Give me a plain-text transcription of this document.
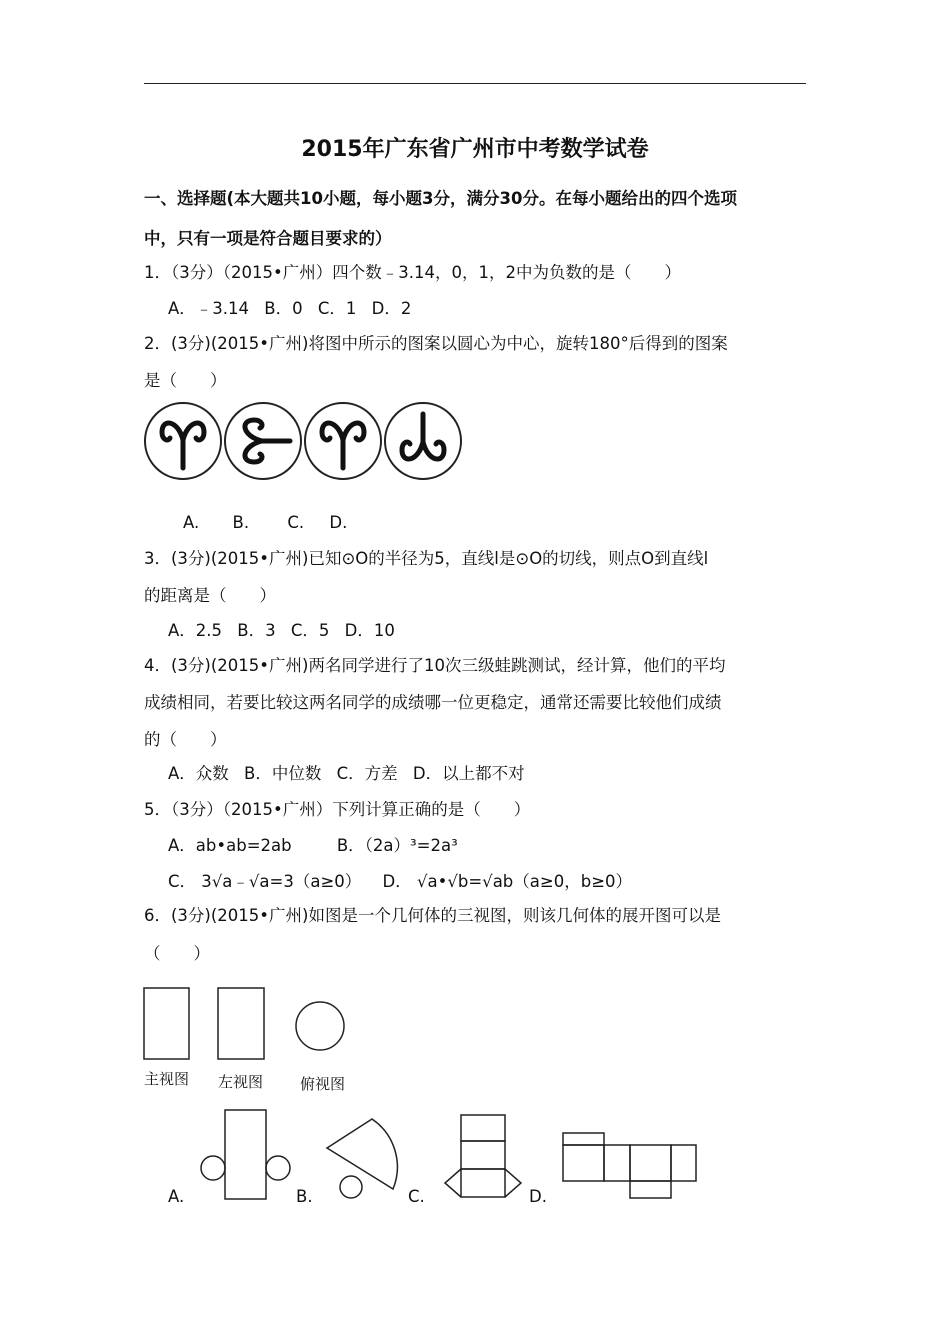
2015年广东省广州市中考数学试卷
一、选择题(本大题共10小题，每小题3分，满分30分。在每小题给出的四个选项
中，只有一项是符合题目要求的）
1．（3分）（2015•广州）四个数﹣3.14，0，1，2中为负数的是（　　）
A．﹣3.14 B．0 C．1 D．2
2．(3分)(2015•广州)将图中所示的图案以圆心为中心，旋转180°后得到的图案
是（　　）
A. B. C. D.
3．(3分)(2015•广州)已知⊙O的半径为5，直线l是⊙O的切线，则点O到直线l
的距离是（　　）
A．2.5 B．3 C．5 D．10
4．(3分)(2015•广州)两名同学进行了10次三级蛙跳测试，经计算，他们的平均
成绩相同，若要比较这两名同学的成绩哪一位更稳定，通常还需要比较他们成绩
的（　　）
A．众数 B．中位数 C．方差 D．以上都不对
5．（3分）（2015•广州）下列计算正确的是（　　）
A．ab•ab=2ab	B．（2a）³=2a³
C． 3√a﹣√a=3（a≥0） D． √a•√b=√ab（a≥0，b≥0）
6．(3分)(2015•广州)如图是一个几何体的三视图，则该几何体的展开图可以是
（　　）
主视图 左视图 俯视图
A.	B.	C.	D.
